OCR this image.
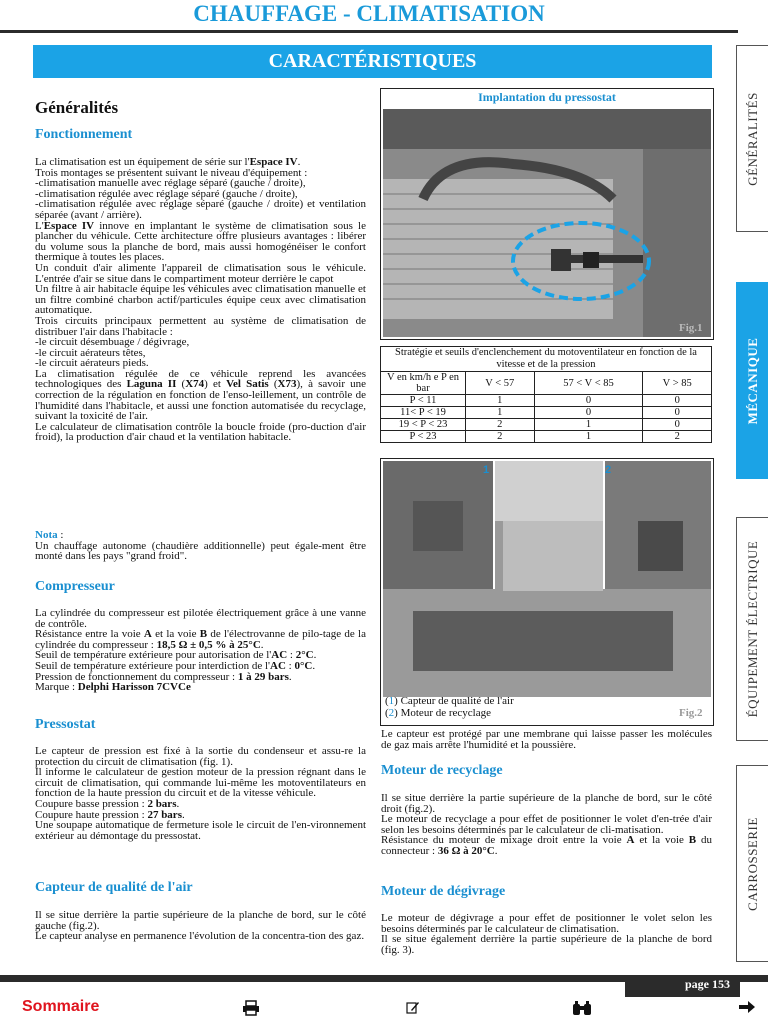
CHAUFFAGE - CLIMATISATION
CARACTÉRISTIQUES
GÉNÉRALITÉS
MÉCANIQUE
ÉQUIPEMENT ÉLECTRIQUE
CARROSSERIE
Généralités
Fonctionnement
La climatisation est un équipement de série sur l'Espace IV.
Trois montages se présentent suivant le niveau d'équipement :
-climatisation manuelle avec réglage séparé (gauche / droite),
-climatisation régulée avec réglage séparé (gauche / droite),
-climatisation régulée avec réglage séparé (gauche / droite) et ventilation séparée (avant / arrière).
L'Espace IV innove en implantant le système de climatisation sous le plancher du véhicule. Cette architecture offre plusieurs avantages : libérer du volume sous la planche de bord, mais aussi homogénéiser le confort thermique à toutes les places.
Un conduit d'air alimente l'appareil de climatisation sous le véhicule. L'entrée d'air se situe dans le compartiment moteur derrière le capot
Un filtre à air habitacle équipe les véhicules avec climatisation manuelle et un filtre combiné charbon actif/particules équipe ceux avec climatisation automatique.
Trois circuits principaux permettent au système de climatisation de distribuer l'air dans l'habitacle :
-le circuit désembuage / dégivrage,
-le circuit aérateurs têtes,
-le circuit aérateurs pieds.
La climatisation régulée de ce véhicule reprend les avancées technologiques des Laguna II (X74) et Vel Satis (X73), à savoir une correction de la régulation en fonction de l'enso-leillement, un contrôle de l'humidité dans l'habitacle, et aussi une fonction automatisée du recyclage, suivant la toxicité de l'air.
Le calculateur de climatisation contrôle la boucle froide (pro-duction d'air froid), la production d'air chaud et la ventilation habitacle.
Nota :
Un chauffage autonome (chaudière additionnelle) peut égale-ment être monté dans les pays "grand froid".
Compresseur
La cylindrée du compresseur est pilotée électriquement grâce à une vanne de contrôle.
Résistance entre la voie A et la voie B de l'électrovanne de pilo-tage de la cylindrée du compresseur : 18,5 Ω ± 0,5 % à 25°C.
Seuil de température extérieure pour autorisation de l'AC : 2°C.
Seuil de température extérieure pour interdiction de l'AC : 0°C.
Pression de fonctionnement du compresseur : 1 à 29 bars.
Marque : Delphi Harisson 7CVCe
Pressostat
Le capteur de pression est fixé à la sortie du condenseur et assu-re la protection du circuit de climatisation (fig. 1).
Il informe le calculateur de gestion moteur de la pression régnant dans le circuit de climatisation, qui commande lui-même les motoventilateurs en fonction de la haute pression du circuit et de la vitesse véhicule.
Coupure basse pression : 2 bars.
Coupure haute pression : 27 bars.
Une soupape automatique de fermeture isole le circuit de l'en-vironnement extérieur au démontage du pressostat.
Capteur de qualité de l'air
Il se situe derrière la partie supérieure de la planche de bord, sur le côté gauche (fig.2).
Le capteur analyse en permanence l'évolution de la concentra-tion des gaz.
Implantation du pressostat
Fig.1
Stratégie et seuils d'enclenchement du motoventilateur en fonction de la vitesse et de la pression			
V en km/h e P en bar	V < 57	57 < V < 85	V > 85
P < 11	1	0	0
11< P < 19	1	0	0
19 < P < 23	2	1	0
P < 23	2	1	2
1	2
(1) Capteur de qualité de l'air
(2) Moteur de recyclage	Fig.2
Le capteur est protégé par une membrane qui laisse passer les molécules de gaz mais arrête l'humidité et la poussière.
Moteur de recyclage
Il se situe derrière la partie supérieure de la planche de bord, sur le côté droit (fig.2).
Le moteur de recyclage a pour effet de positionner le volet d'en-trée d'air selon les besoins déterminés par le calculateur de cli-matisation.
Résistance du moteur de mixage droit entre la voie A et la voie B du connecteur : 36 Ω à 20°C.
Moteur de dégivrage
Le moteur de dégivrage a pour effet de positionner le volet selon les besoins déterminés par le calculateur de climatisation.
Il se situe également derrière la partie supérieure de la planche de bord (fig. 3).
page 153
Sommaire
